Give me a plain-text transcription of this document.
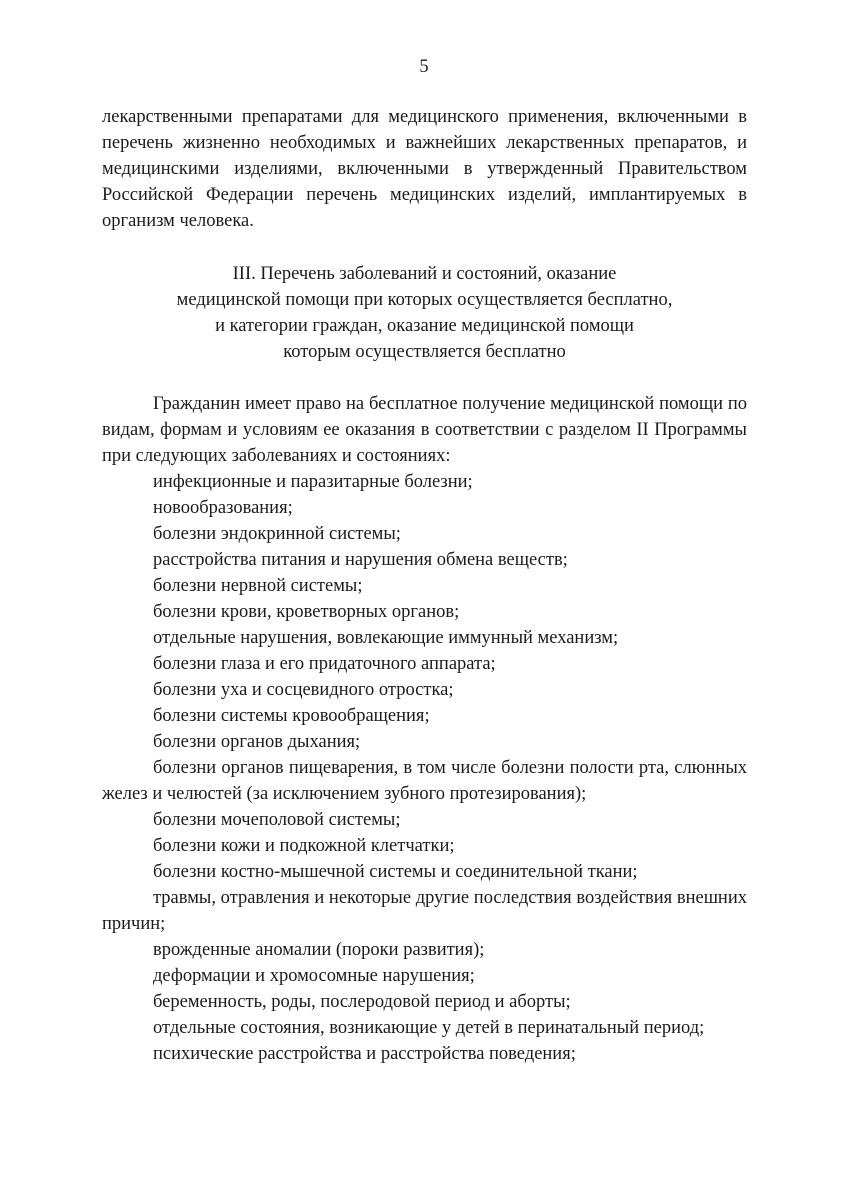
5

лекарственными препаратами для медицинского применения, включенными в перечень жизненно необходимых и важнейших лекарственных препаратов, и медицинскими изделиями, включенными в утвержденный Правительством Российской Федерации перечень медицинских изделий, имплантируемых в организм человека.

III. Перечень заболеваний и состояний, оказание
медицинской помощи при которых осуществляется бесплатно,
и категории граждан, оказание медицинской помощи
которым осуществляется бесплатно

Гражданин имеет право на бесплатное получение медицинской помощи по видам, формам и условиям ее оказания в соответствии с разделом II Программы при следующих заболеваниях и состояниях:

инфекционные и паразитарные болезни;

новообразования;

болезни эндокринной системы;

расстройства питания и нарушения обмена веществ;

болезни нервной системы;

болезни крови, кроветворных органов;

отдельные нарушения, вовлекающие иммунный механизм;

болезни глаза и его придаточного аппарата;

болезни уха и сосцевидного отростка;

болезни системы кровообращения;

болезни органов дыхания;

болезни органов пищеварения, в том числе болезни полости рта, слюнных желез и челюстей (за исключением зубного протезирования);

болезни мочеполовой системы;

болезни кожи и подкожной клетчатки;

болезни костно-мышечной системы и соединительной ткани;

травмы, отравления и некоторые другие последствия воздействия внешних причин;

врожденные аномалии (пороки развития);

деформации и хромосомные нарушения;

беременность, роды, послеродовой период и аборты;

отдельные состояния, возникающие у детей в перинатальный период;

психические расстройства и расстройства поведения;
